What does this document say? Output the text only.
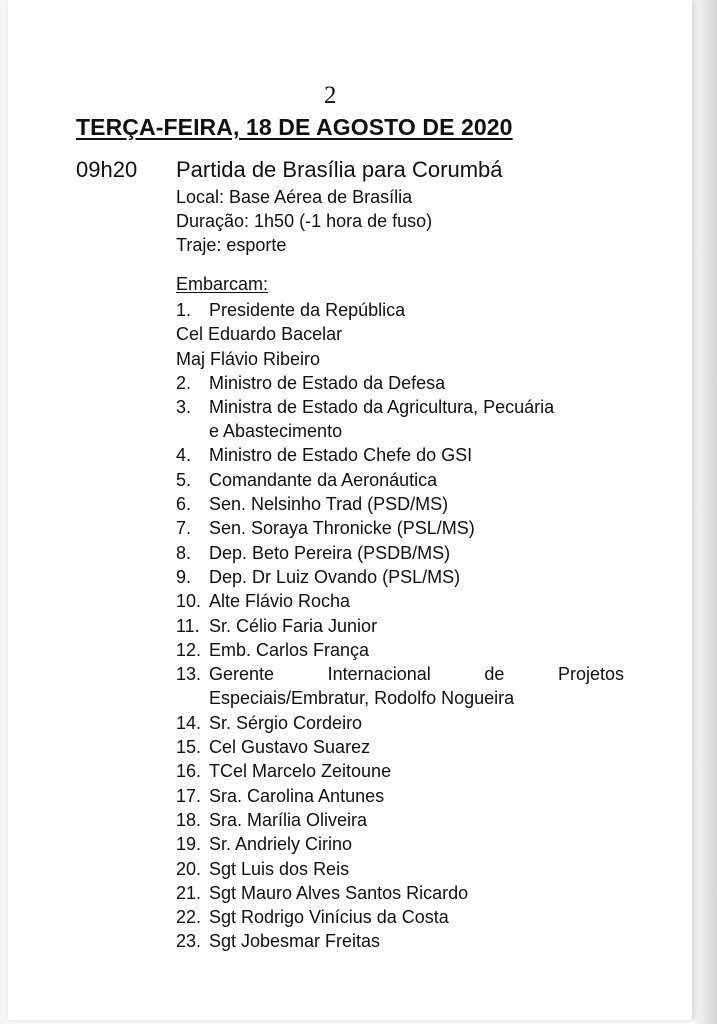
2
TERÇA-FEIRA, 18 DE AGOSTO DE 2020
09h20 Partida de Brasília para Corumbá
Local: Base Aérea de Brasília
Duração: 1h50 (-1 hora de fuso)
Traje: esporte
Embarcam:
1. Presidente da República
Cel Eduardo Bacelar
Maj Flávio Ribeiro
2. Ministro de Estado da Defesa
3. Ministra de Estado da Agricultura, Pecuária
e Abastecimento
4. Ministro de Estado Chefe do GSI
5. Comandante da Aeronáutica
6. Sen. Nelsinho Trad (PSD/MS)
7. Sen. Soraya Thronicke (PSL/MS)
8. Dep. Beto Pereira (PSDB/MS)
9. Dep. Dr Luiz Ovando (PSL/MS)
10. Alte Flávio Rocha
11. Sr. Célio Faria Junior
12. Emb. Carlos França
13. Gerente Internacional de Projetos
Especiais/Embratur, Rodolfo Nogueira
14. Sr. Sérgio Cordeiro
15. Cel Gustavo Suarez
16. TCel Marcelo Zeitoune
17. Sra. Carolina Antunes
18. Sra. Marília Oliveira
19. Sr. Andriely Cirino
20. Sgt Luis dos Reis
21. Sgt Mauro Alves Santos Ricardo
22. Sgt Rodrigo Vinícius da Costa
23. Sgt Jobesmar Freitas
